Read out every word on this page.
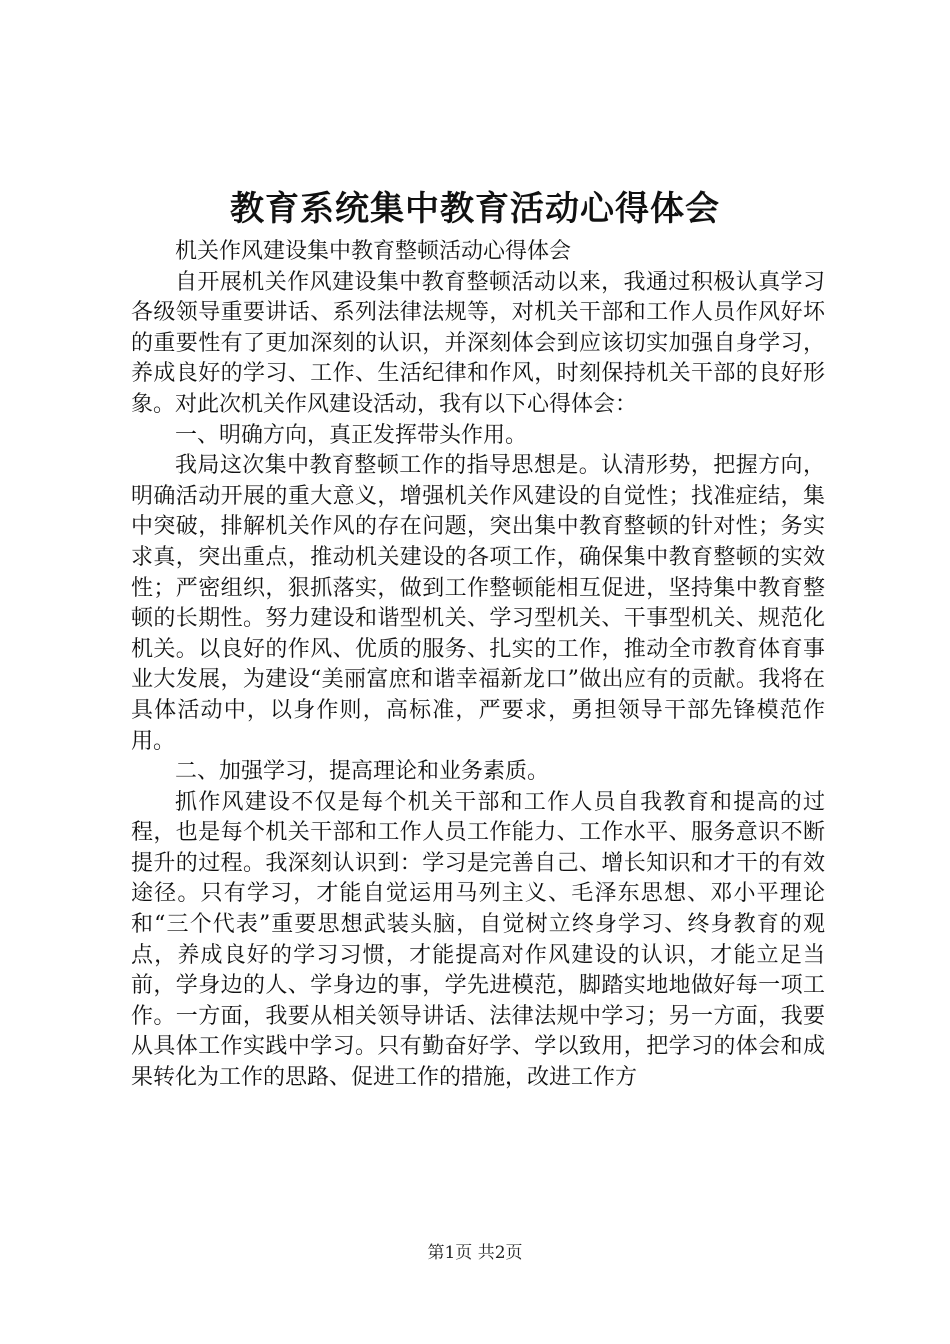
教育系统集中教育活动心得体会

机关作风建设集中教育整顿活动心得体会

自开展机关作风建设集中教育整顿活动以来，我通过积极认真学习各级领导重要讲话、系列法律法规等，对机关干部和工作人员作风好坏的重要性有了更加深刻的认识，并深刻体会到应该切实加强自身学习，养成良好的学习、工作、生活纪律和作风，时刻保持机关干部的良好形象。对此次机关作风建设活动，我有以下心得体会：

一、明确方向，真正发挥带头作用。

我局这次集中教育整顿工作的指导思想是。认清形势，把握方向，明确活动开展的重大意义，增强机关作风建设的自觉性；找准症结，集中突破，排解机关作风的存在问题，突出集中教育整顿的针对性；务实求真，突出重点，推动机关建设的各项工作，确保集中教育整顿的实效性；严密组织，狠抓落实，做到工作整顿能相互促进，坚持集中教育整顿的长期性。努力建设和谐型机关、学习型机关、干事型机关、规范化机关。以良好的作风、优质的服务、扎实的工作，推动全市教育体育事业大发展，为建设“美丽富庶和谐幸福新龙口”做出应有的贡献。我将在具体活动中，以身作则，高标准，严要求，勇担领导干部先锋模范作用。

二、加强学习，提高理论和业务素质。

抓作风建设不仅是每个机关干部和工作人员自我教育和提高的过程，也是每个机关干部和工作人员工作能力、工作水平、服务意识不断提升的过程。我深刻认识到：学习是完善自己、增长知识和才干的有效途径。只有学习，才能自觉运用马列主义、毛泽东思想、邓小平理论和“三个代表”重要思想武装头脑，自觉树立终身学习、终身教育的观点，养成良好的学习习惯，才能提高对作风建设的认识，才能立足当前，学身边的人、学身边的事，学先进模范，脚踏实地地做好每一项工作。一方面，我要从相关领导讲话、法律法规中学习；另一方面，我要从具体工作实践中学习。只有勤奋好学、学以致用，把学习的体会和成果转化为工作的思路、促进工作的措施，改进工作方

第1页 共2页
